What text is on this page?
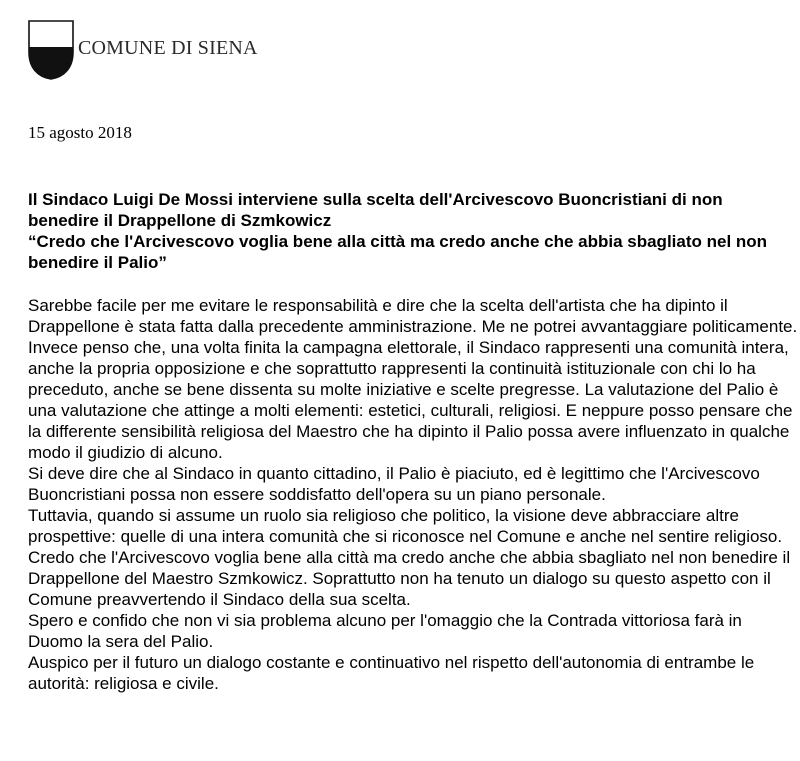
COMUNE DI SIENA
15 agosto 2018

Il Sindaco Luigi De Mossi interviene sulla scelta dell'Arcivescovo Buoncristiani di non benedire il Drappellone di Szmkowicz

“Credo che l'Arcivescovo voglia bene alla città ma credo anche che abbia sbagliato nel non benedire il Palio”

Sarebbe facile per me evitare le responsabilità e dire che la scelta dell'artista che ha dipinto il Drappellone è stata fatta dalla precedente amministrazione. Me ne potrei avvantaggiare politicamente. Invece penso che, una volta finita la campagna elettorale, il Sindaco rappresenti una comunità intera, anche la propria opposizione e che soprattutto rappresenti la continuità istituzionale con chi lo ha preceduto, anche se bene dissenta su molte iniziative e scelte pregresse. La valutazione del Palio è una valutazione che attinge a molti elementi: estetici, culturali, religiosi. E neppure posso pensare che la differente sensibilità religiosa del Maestro che ha dipinto il Palio possa avere influenzato in qualche modo il giudizio di alcuno.

Si deve dire che al Sindaco in quanto cittadino, il Palio è piaciuto, ed è legittimo che l'Arcivescovo Buoncristiani possa non essere soddisfatto dell'opera su un piano personale.

Tuttavia, quando si assume un ruolo sia religioso che politico, la visione deve abbracciare altre prospettive: quelle di una intera comunità che si riconosce nel Comune e anche nel sentire religioso.

Credo che l'Arcivescovo voglia bene alla città ma credo anche che abbia sbagliato nel non benedire il Drappellone del Maestro Szmkowicz. Soprattutto non ha tenuto un dialogo su questo aspetto con il Comune preavvertendo il Sindaco della sua scelta.

Spero e confido che non vi sia problema alcuno per l'omaggio che la Contrada vittoriosa farà in Duomo la sera del Palio.

Auspico per il futuro un dialogo costante e continuativo nel rispetto dell'autonomia di entrambe le autorità: religiosa e civile.
